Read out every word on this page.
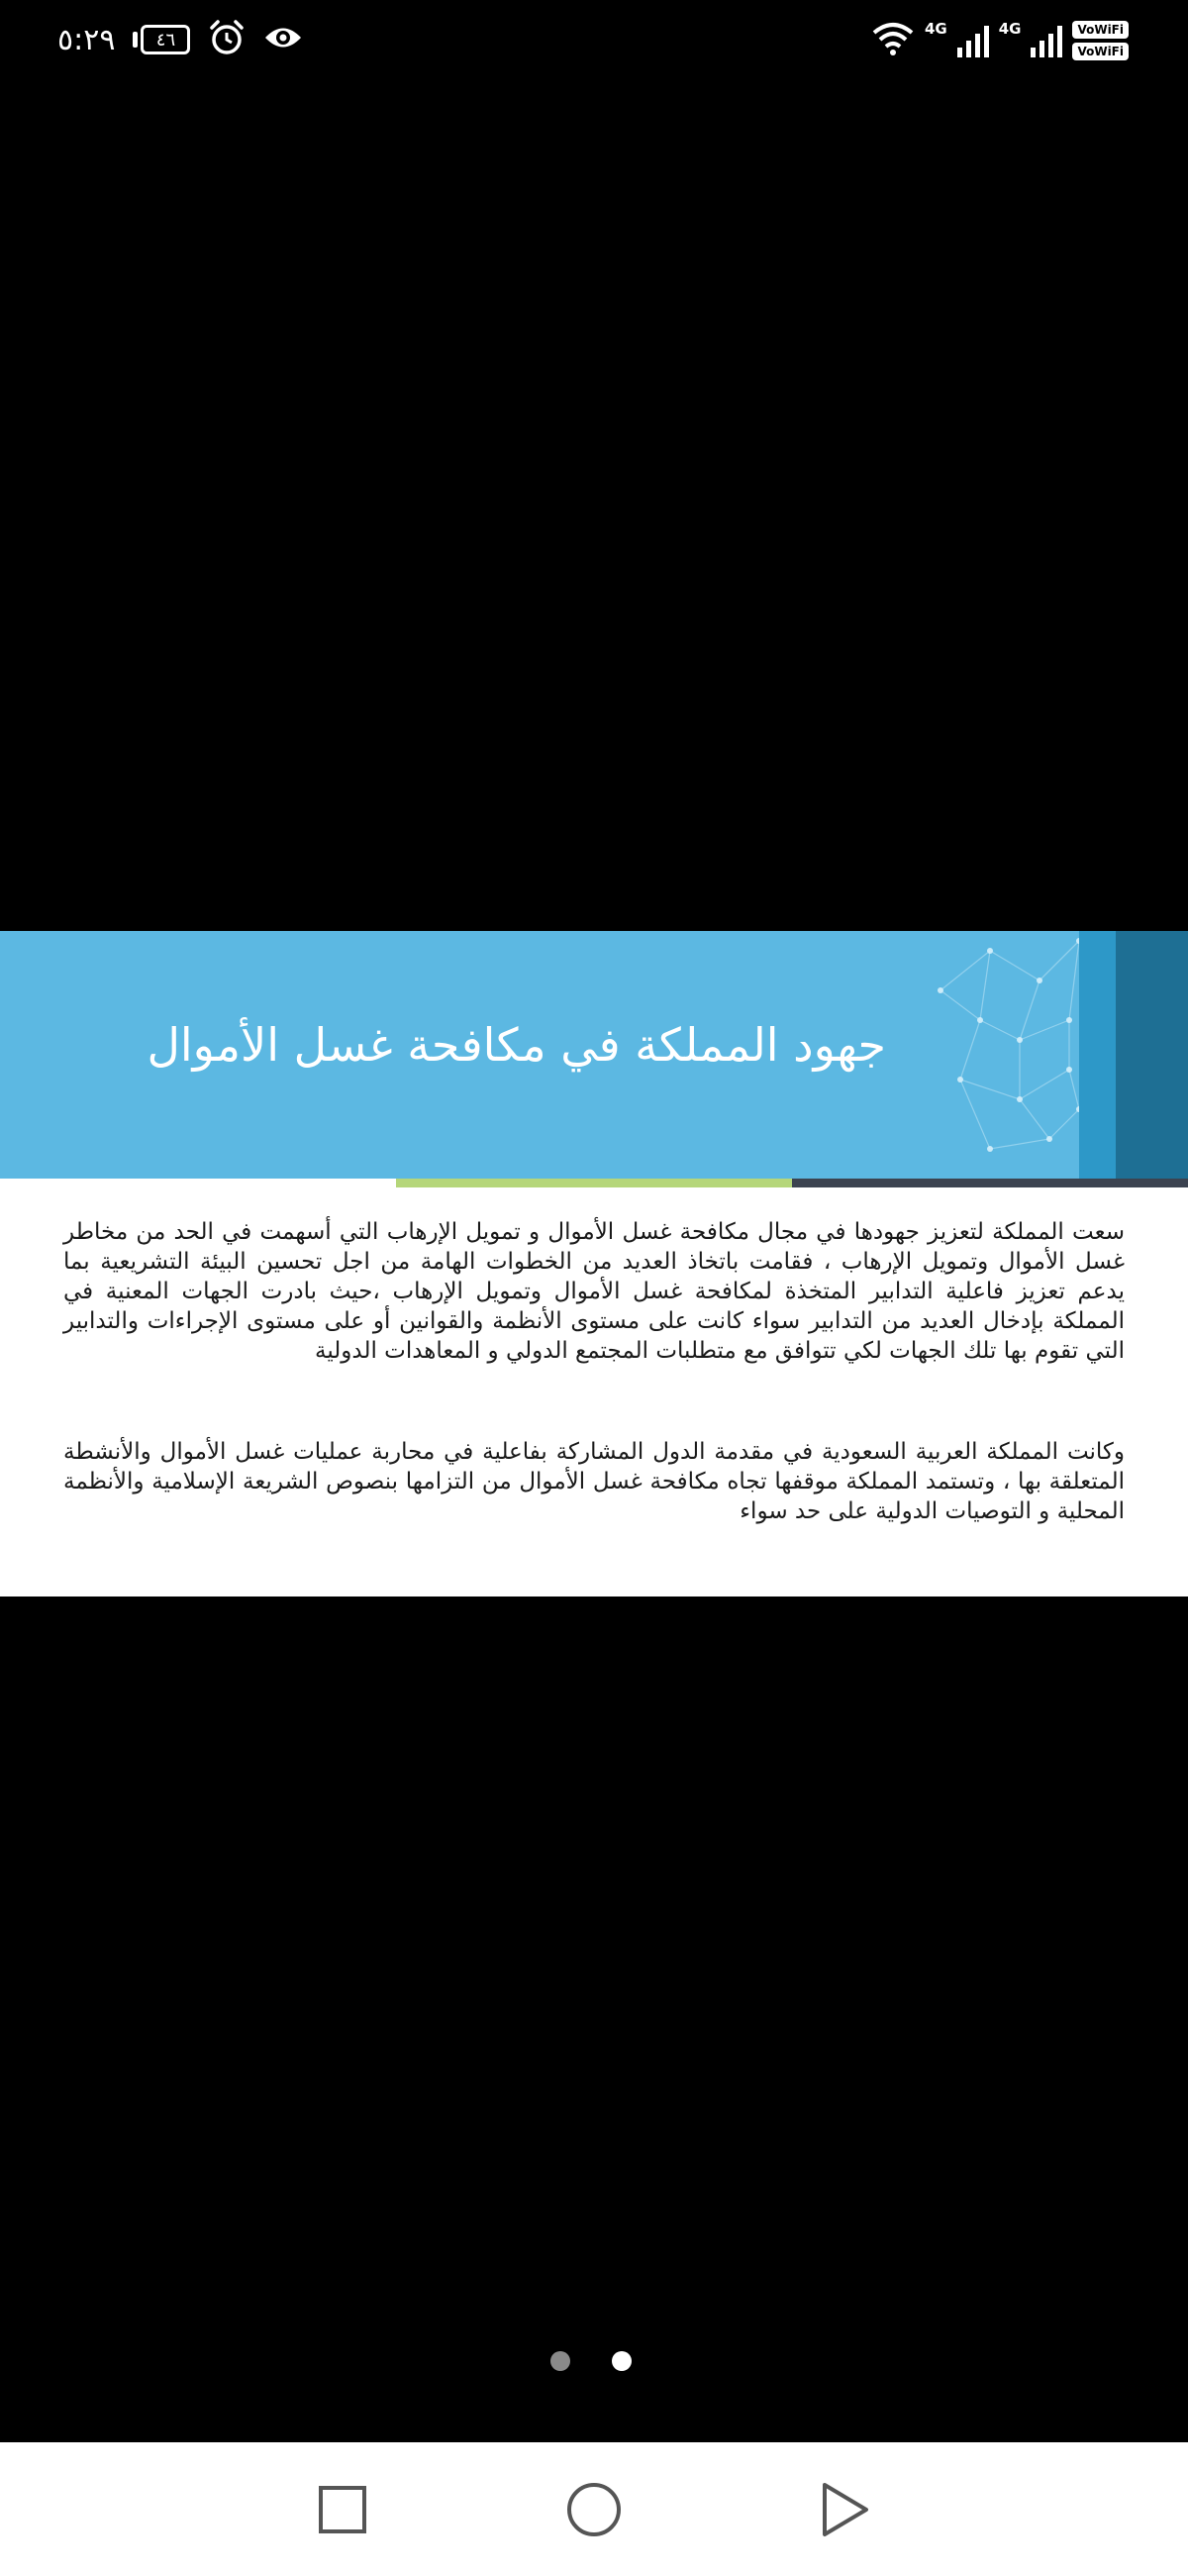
٥:٢٩	٤٦
4G	4G	VoWiFi
VoWiFi
جهود المملكة في مكافحة غسل الأموال
سعت المملكة لتعزيز جهودها في مجال مكافحة غسل الأموال و تمويل الإرهاب التي أسهمت في الحد من مخاطر غسل الأموال وتمويل الإرهاب ، فقامت باتخاذ العديد من الخطوات الهامة من اجل تحسين البيئة التشريعية بما يدعم تعزيز فاعلية التدابير المتخذة لمكافحة غسل الأموال وتمويل الإرهاب ،حيث بادرت الجهات المعنية في المملكة بإدخال العديد من التدابير سواء كانت على مستوى الأنظمة والقوانين أو على مستوى الإجراءات والتدابير التي تقوم بها تلك الجهات لكي تتوافق مع متطلبات المجتمع الدولي و المعاهدات الدولية
وكانت المملكة العربية السعودية في مقدمة الدول المشاركة بفاعلية في محاربة عمليات غسل الأموال والأنشطة المتعلقة بها ، وتستمد المملكة موقفها تجاه مكافحة غسل الأموال من التزامها بنصوص الشريعة الإسلامية والأنظمة المحلية و التوصيات الدولية على حد سواء
